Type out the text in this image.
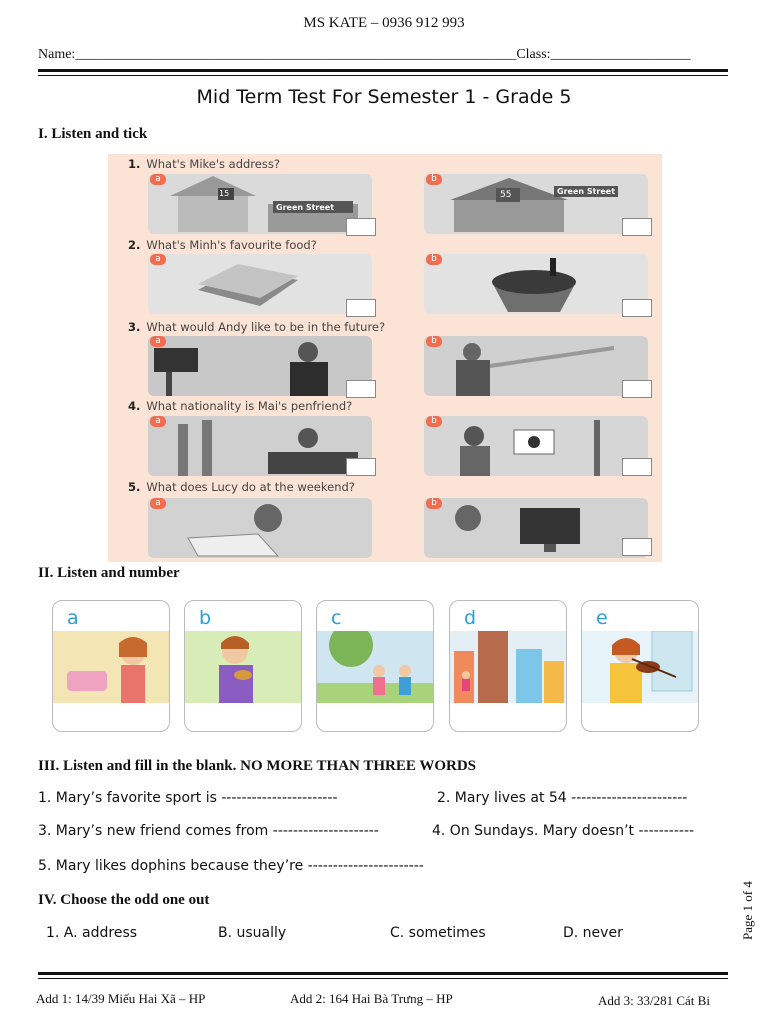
MS KATE – 0936 912 993
Name:_______________________________________________________________Class:____________________
Mid Term Test For Semester 1 - Grade 5
I. Listen and tick
1. What's Mike's address?
15
Green Street
a
55	Green Street
b
2. What's Minh's favourite food?
a	b
3. What would Andy like to be in the future?
a	b
4. What nationality is Mai's penfriend?
a	b
5. What does Lucy do at the weekend?
a	b
II. Listen and number
a	b	c	d	e
III. Listen and fill in the blank. NO MORE THAN THREE WORDS
1. Mary’s favorite sport is -----------------------	2. Mary lives at 54 -----------------------
3. Mary’s new friend comes from ---------------------	4. On Sundays. Mary doesn’t -----------
5. Mary likes dophins because they’re -----------------------
IV. Choose the odd one out
1. A. address	B. usually	C. sometimes	D. never	Page 1 of 4
Add 1: 14/39 Miếu Hai Xã – HP	Add 2: 164 Hai Bà Trưng – HP	Add 3: 33/281 Cát Bi
